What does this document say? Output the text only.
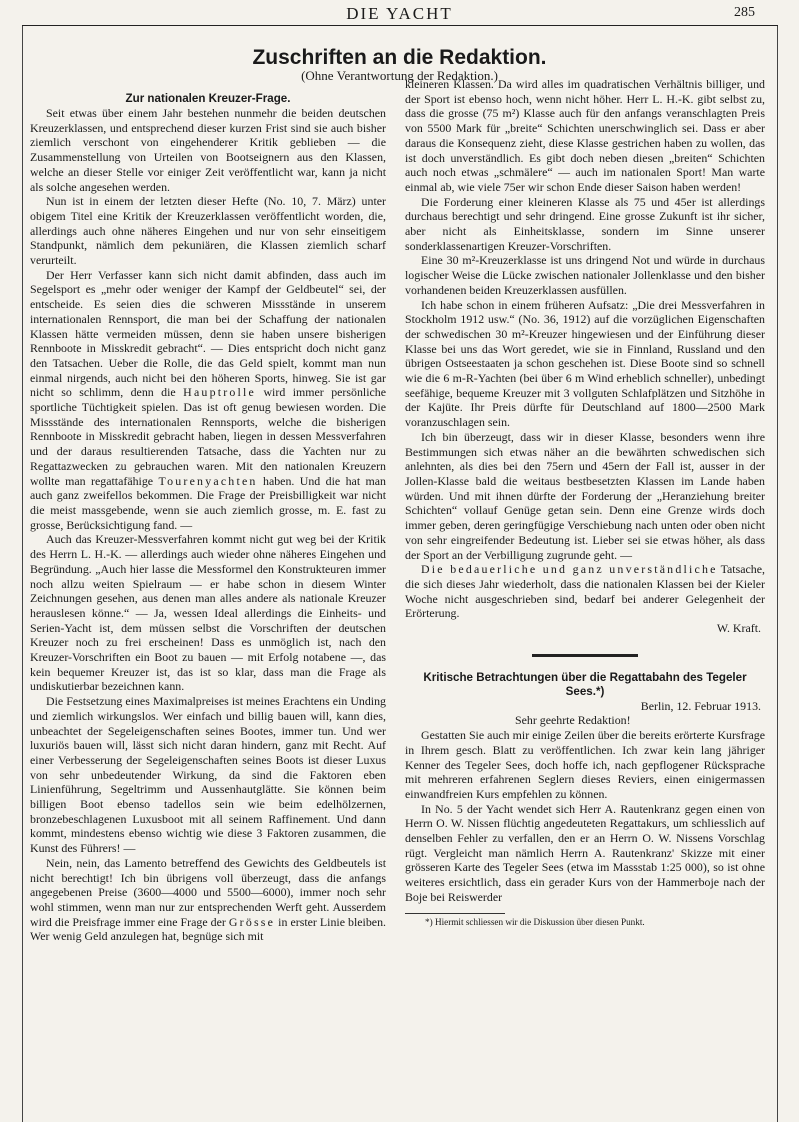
DIE YACHT	285
Zuschriften an die Redaktion.
(Ohne Verantwortung der Redaktion.)

Zur nationalen Kreuzer-Frage.

Seit etwas über einem Jahr bestehen nunmehr die beiden deutschen Kreuzerklassen, und entsprechend dieser kurzen Frist sind sie auch bisher ziemlich verschont von eingehenderer Kritik geblieben — die Zusammenstellung von Urteilen von Bootseignern aus den Klassen, welche an dieser Stelle vor einiger Zeit veröffentlicht war, kann ja nicht als solche angesehen werden.

Nun ist in einem der letzten dieser Hefte (No. 10, 7. März) unter obigem Titel eine Kritik der Kreuzerklassen veröffentlicht worden, die, allerdings auch ohne näheres Eingehen und nur von sehr einseitigem Standpunkt, nämlich dem pekuniären, die Klassen ziemlich scharf verurteilt.

Der Herr Verfasser kann sich nicht damit abfinden, dass auch im Segelsport es „mehr oder weniger der Kampf der Geldbeutel“ sei, der entscheide. Es seien dies die schweren Missstände in unserem internationalen Rennsport, die man bei der Schaffung der nationalen Klassen hätte vermeiden müssen, denn sie haben unsere bisherigen Rennboote in Misskredit gebracht“. — Dies entspricht doch nicht ganz den Tatsachen. Ueber die Rolle, die das Geld spielt, kommt man nun einmal nirgends, auch nicht bei den höheren Sports, hinweg. Sie ist gar nicht so schlimm, denn die Hauptrolle wird immer persönliche sportliche Tüchtigkeit spielen. Das ist oft genug bewiesen worden. Die Missstände des internationalen Rennsports, welche die bisherigen Rennboote in Misskredit gebracht haben, liegen in dessen Messverfahren und der daraus resultierenden Tatsache, dass die Yachten nur zu Regattazwecken zu gebrauchen waren. Mit den nationalen Kreuzern wollte man regattafähige Tourenyachten haben. Und die hat man auch ganz zweifellos bekommen. Die Frage der Preisbilligkeit war nicht die meist massgebende, wenn sie auch ziemlich grosse, m. E. fast zu grosse, Berücksichtigung fand. —

Auch das Kreuzer-Messverfahren kommt nicht gut weg bei der Kritik des Herrn L. H.-K. — allerdings auch wieder ohne näheres Eingehen und Begründung. „Auch hier lasse die Messformel den Konstrukteuren immer noch allzu weiten Spielraum — er habe schon in diesem Winter Zeichnungen gesehen, aus denen man alles andere als nationale Kreuzer herauslesen könne.“ — Ja, wessen Ideal allerdings die Einheits- und Serien-Yacht ist, dem müssen selbst die Vorschriften der deutschen Kreuzer noch zu frei erscheinen! Dass es unmöglich ist, nach den Kreuzer-Vorschriften ein Boot zu bauen — mit Erfolg notabene —, das kein bequemer Kreuzer ist, das ist so klar, dass man die Frage als undiskutierbar bezeichnen kann.

Die Festsetzung eines Maximalpreises ist meines Erachtens ein Unding und ziemlich wirkungslos. Wer einfach und billig bauen will, kann dies, unbeachtet der Segeleigenschaften seines Bootes, immer tun. Und wer luxuriös bauen will, lässt sich nicht daran hindern, ganz mit Recht. Auf einer Verbesserung der Segeleigenschaften seines Boots ist dieser Luxus von sehr unbedeutender Wirkung, da sind die Faktoren eben Linienführung, Segeltrimm und Aussenhautglätte. Sie können beim billigen Boot ebenso tadellos sein wie beim edelhölzernen, bronzebeschlagenen Luxusboot mit all seinem Raffinement. Und dann kommt, mindestens ebenso wichtig wie diese 3 Faktoren zusammen, die Kunst des Führers! —

Nein, nein, das Lamento betreffend des Gewichts des Geldbeutels ist nicht berechtigt! Ich bin übrigens voll überzeugt, dass die anfangs angegebenen Preise (3600—4000 und 5500—6000), immer noch sehr wohl stimmen, wenn man nur zur entsprechenden Werft geht. Ausserdem wird die Preisfrage immer eine Frage der Grösse in erster Linie bleiben. Wer wenig Geld anzulegen hat, begnüge sich mit

kleineren Klassen. Da wird alles im quadratischen Verhältnis billiger, und der Sport ist ebenso hoch, wenn nicht höher. Herr L. H.-K. gibt selbst zu, dass die grosse (75 m²) Klasse auch für den anfangs veranschlagten Preis von 5500 Mark für „breite“ Schichten unerschwinglich sei. Dass er aber daraus die Konsequenz zieht, diese Klasse gestrichen haben zu wollen, das ist doch unverständlich. Es gibt doch neben diesen „breiten“ Schichten auch noch etwas „schmälere“ — auch im nationalen Sport! Man warte einmal ab, wie viele 75er wir schon Ende dieser Saison haben werden!

Die Forderung einer kleineren Klasse als 75 und 45er ist allerdings durchaus berechtigt und sehr dringend. Eine grosse Zukunft ist ihr sicher, aber nicht als Einheitsklasse, sondern im Sinne unserer sonderklassenartigen Kreuzer-Vorschriften.

Eine 30 m²-Kreuzerklasse ist uns dringend Not und würde in durchaus logischer Weise die Lücke zwischen nationaler Jollenklasse und den bisher vorhandenen beiden Kreuzerklassen ausfüllen.

Ich habe schon in einem früheren Aufsatz: „Die drei Messverfahren in Stockholm 1912 usw.“ (No. 36, 1912) auf die vorzüglichen Eigenschaften der schwedischen 30 m²-Kreuzer hingewiesen und der Einführung dieser Klasse bei uns das Wort geredet, wie sie in Finnland, Russland und den übrigen Ostseestaaten ja schon geschehen ist. Diese Boote sind so schnell wie die 6 m-R-Yachten (bei über 6 m Wind erheblich schneller), unbedingt seefähige, bequeme Kreuzer mit 3 vollguten Schlafplätzen und Sitzhöhe in der Kajüte. Ihr Preis dürfte für Deutschland auf 1800—2500 Mark voranzuschlagen sein.

Ich bin überzeugt, dass wir in dieser Klasse, besonders wenn ihre Bestimmungen sich etwas näher an die bewährten schwedischen sich anlehnten, als dies bei den 75ern und 45ern der Fall ist, ausser in der Jollen-Klasse bald die weitaus bestbesetzten Klassen im Lande haben würden. Und mit ihnen dürfte der Forderung der „Heranziehung breiter Schichten“ vollauf Genüge getan sein. Denn eine Grenze wirds doch immer geben, deren geringfügige Verschiebung nach unten oder oben nicht von sehr eingreifender Bedeutung ist. Lieber sei sie etwas höher, als dass der Sport an der Verbilligung zugrunde geht. —

Die bedauerliche und ganz unverständliche Tatsache, die sich dieses Jahr wiederholt, dass die nationalen Klassen bei der Kieler Woche nicht ausgeschrieben sind, bedarf bei anderer Gelegenheit der Erörterung.

W. Kraft.

Kritische Betrachtungen über die Regattabahn des Tegeler Sees.*)

Berlin, 12. Februar 1913.

Sehr geehrte Redaktion!

Gestatten Sie auch mir einige Zeilen über die bereits erörterte Kursfrage in Ihrem gesch. Blatt zu veröffentlichen. Ich zwar kein lang jähriger Kenner des Tegeler Sees, doch hoffe ich, nach gepflogener Rücksprache mit mehreren erfahrenen Seglern dieses Reviers, einen einigermassen einwandfreien Kurs empfehlen zu können.

In No. 5 der Yacht wendet sich Herr A. Rautenkranz gegen einen von Herrn O. W. Nissen flüchtig angedeuteten Regattakurs, um schliesslich auf denselben Fehler zu verfallen, den er an Herrn O. W. Nissens Vorschlag rügt. Vergleicht man nämlich Herrn A. Rautenkranz' Skizze mit einer grösseren Karte des Tegeler Sees (etwa im Massstab 1:25 000), so ist ohne weiteres ersichtlich, dass ein gerader Kurs von der Hammerboje nach der Boje bei Reiswerder

*) Hiermit schliessen wir die Diskussion über diesen Punkt.
